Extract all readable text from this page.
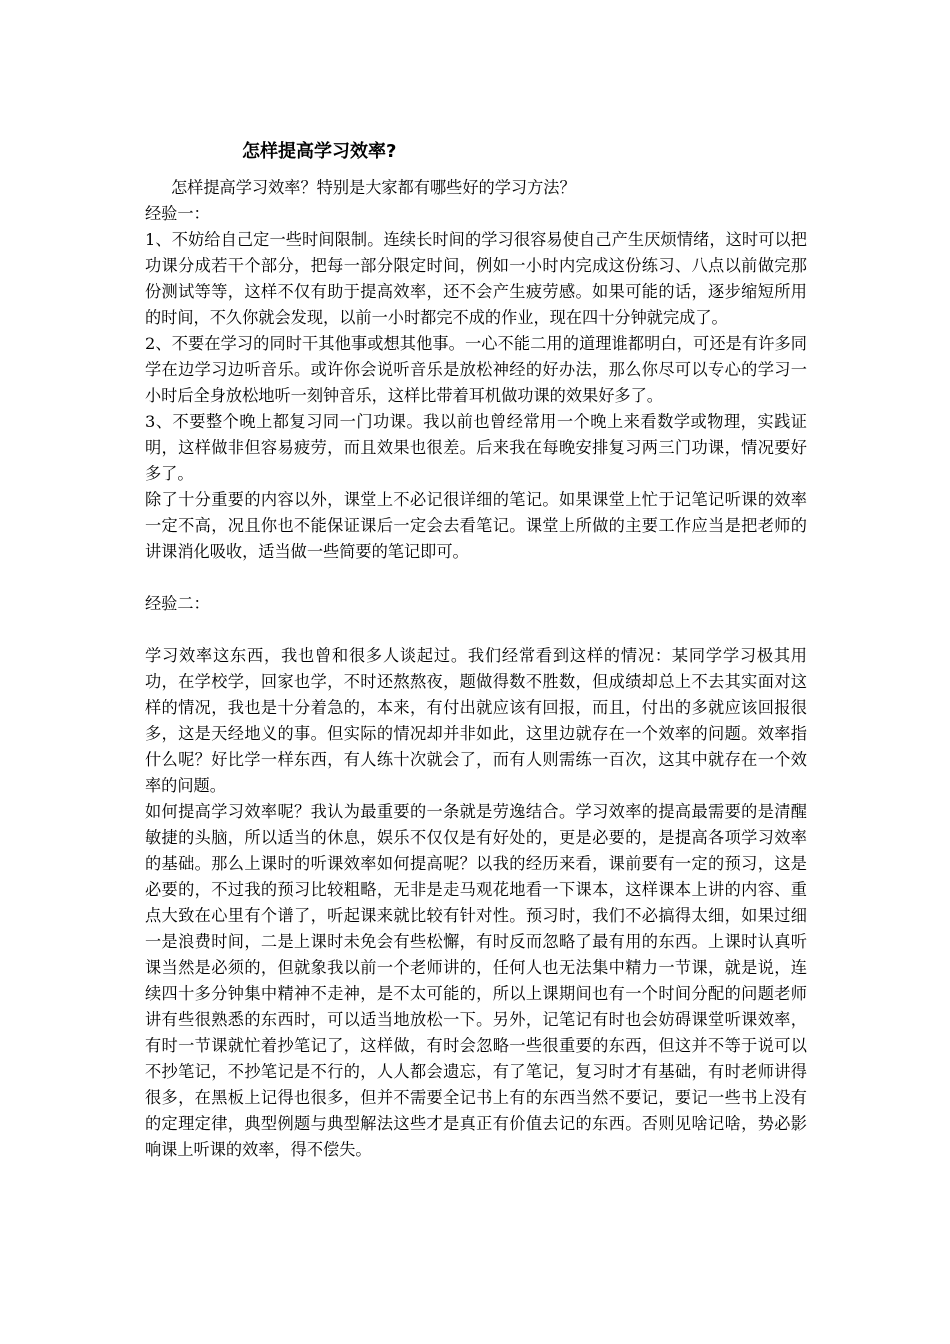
怎样提高学习效率?

怎样提高学习效率？特别是大家都有哪些好的学习方法？

经验一：

1、不妨给自己定一些时间限制。连续长时间的学习很容易使自己产生厌烦情绪，这时可以把功课分成若干个部分，把每一部分限定时间，例如一小时内完成这份练习、八点以前做完那份测试等等，这样不仅有助于提高效率，还不会产生疲劳感。如果可能的话，逐步缩短所用的时间，不久你就会发现，以前一小时都完不成的作业，现在四十分钟就完成了。

2、不要在学习的同时干其他事或想其他事。一心不能二用的道理谁都明白，可还是有许多同学在边学习边听音乐。或许你会说听音乐是放松神经的好办法，那么你尽可以专心的学习一小时后全身放松地听一刻钟音乐，这样比带着耳机做功课的效果好多了。

3、不要整个晚上都复习同一门功课。我以前也曾经常用一个晚上来看数学或物理，实践证明，这样做非但容易疲劳，而且效果也很差。后来我在每晚安排复习两三门功课，情况要好多了。

除了十分重要的内容以外，课堂上不必记很详细的笔记。如果课堂上忙于记笔记听课的效率一定不高，况且你也不能保证课后一定会去看笔记。课堂上所做的主要工作应当是把老师的讲课消化吸收，适当做一些简要的笔记即可。

经验二：

学习效率这东西，我也曾和很多人谈起过。我们经常看到这样的情况：某同学学习极其用功，在学校学，回家也学，不时还熬熬夜，题做得数不胜数，但成绩却总上不去其实面对这样的情况，我也是十分着急的，本来，有付出就应该有回报，而且，付出的多就应该回报很多，这是天经地义的事。但实际的情况却并非如此，这里边就存在一个效率的问题。效率指什么呢？好比学一样东西，有人练十次就会了，而有人则需练一百次，这其中就存在一个效率的问题。

如何提高学习效率呢？我认为最重要的一条就是劳逸结合。学习效率的提高最需要的是清醒敏捷的头脑，所以适当的休息，娱乐不仅仅是有好处的，更是必要的，是提高各项学习效率的基础。那么上课时的听课效率如何提高呢？以我的经历来看，课前要有一定的预习，这是必要的，不过我的预习比较粗略，无非是走马观花地看一下课本，这样课本上讲的内容、重点大致在心里有个谱了，听起课来就比较有针对性。预习时，我们不必搞得太细，如果过细一是浪费时间，二是上课时未免会有些松懈，有时反而忽略了最有用的东西。上课时认真听课当然是必须的，但就象我以前一个老师讲的，任何人也无法集中精力一节课，就是说，连续四十多分钟集中精神不走神，是不太可能的，所以上课期间也有一个时间分配的问题老师讲有些很熟悉的东西时，可以适当地放松一下。另外，记笔记有时也会妨碍课堂听课效率，有时一节课就忙着抄笔记了，这样做，有时会忽略一些很重要的东西，但这并不等于说可以不抄笔记，不抄笔记是不行的，人人都会遗忘，有了笔记，复习时才有基础，有时老师讲得很多，在黑板上记得也很多，但并不需要全记书上有的东西当然不要记，要记一些书上没有的定理定律，典型例题与典型解法这些才是真正有价值去记的东西。否则见啥记啥，势必影响课上听课的效率，得不偿失。
